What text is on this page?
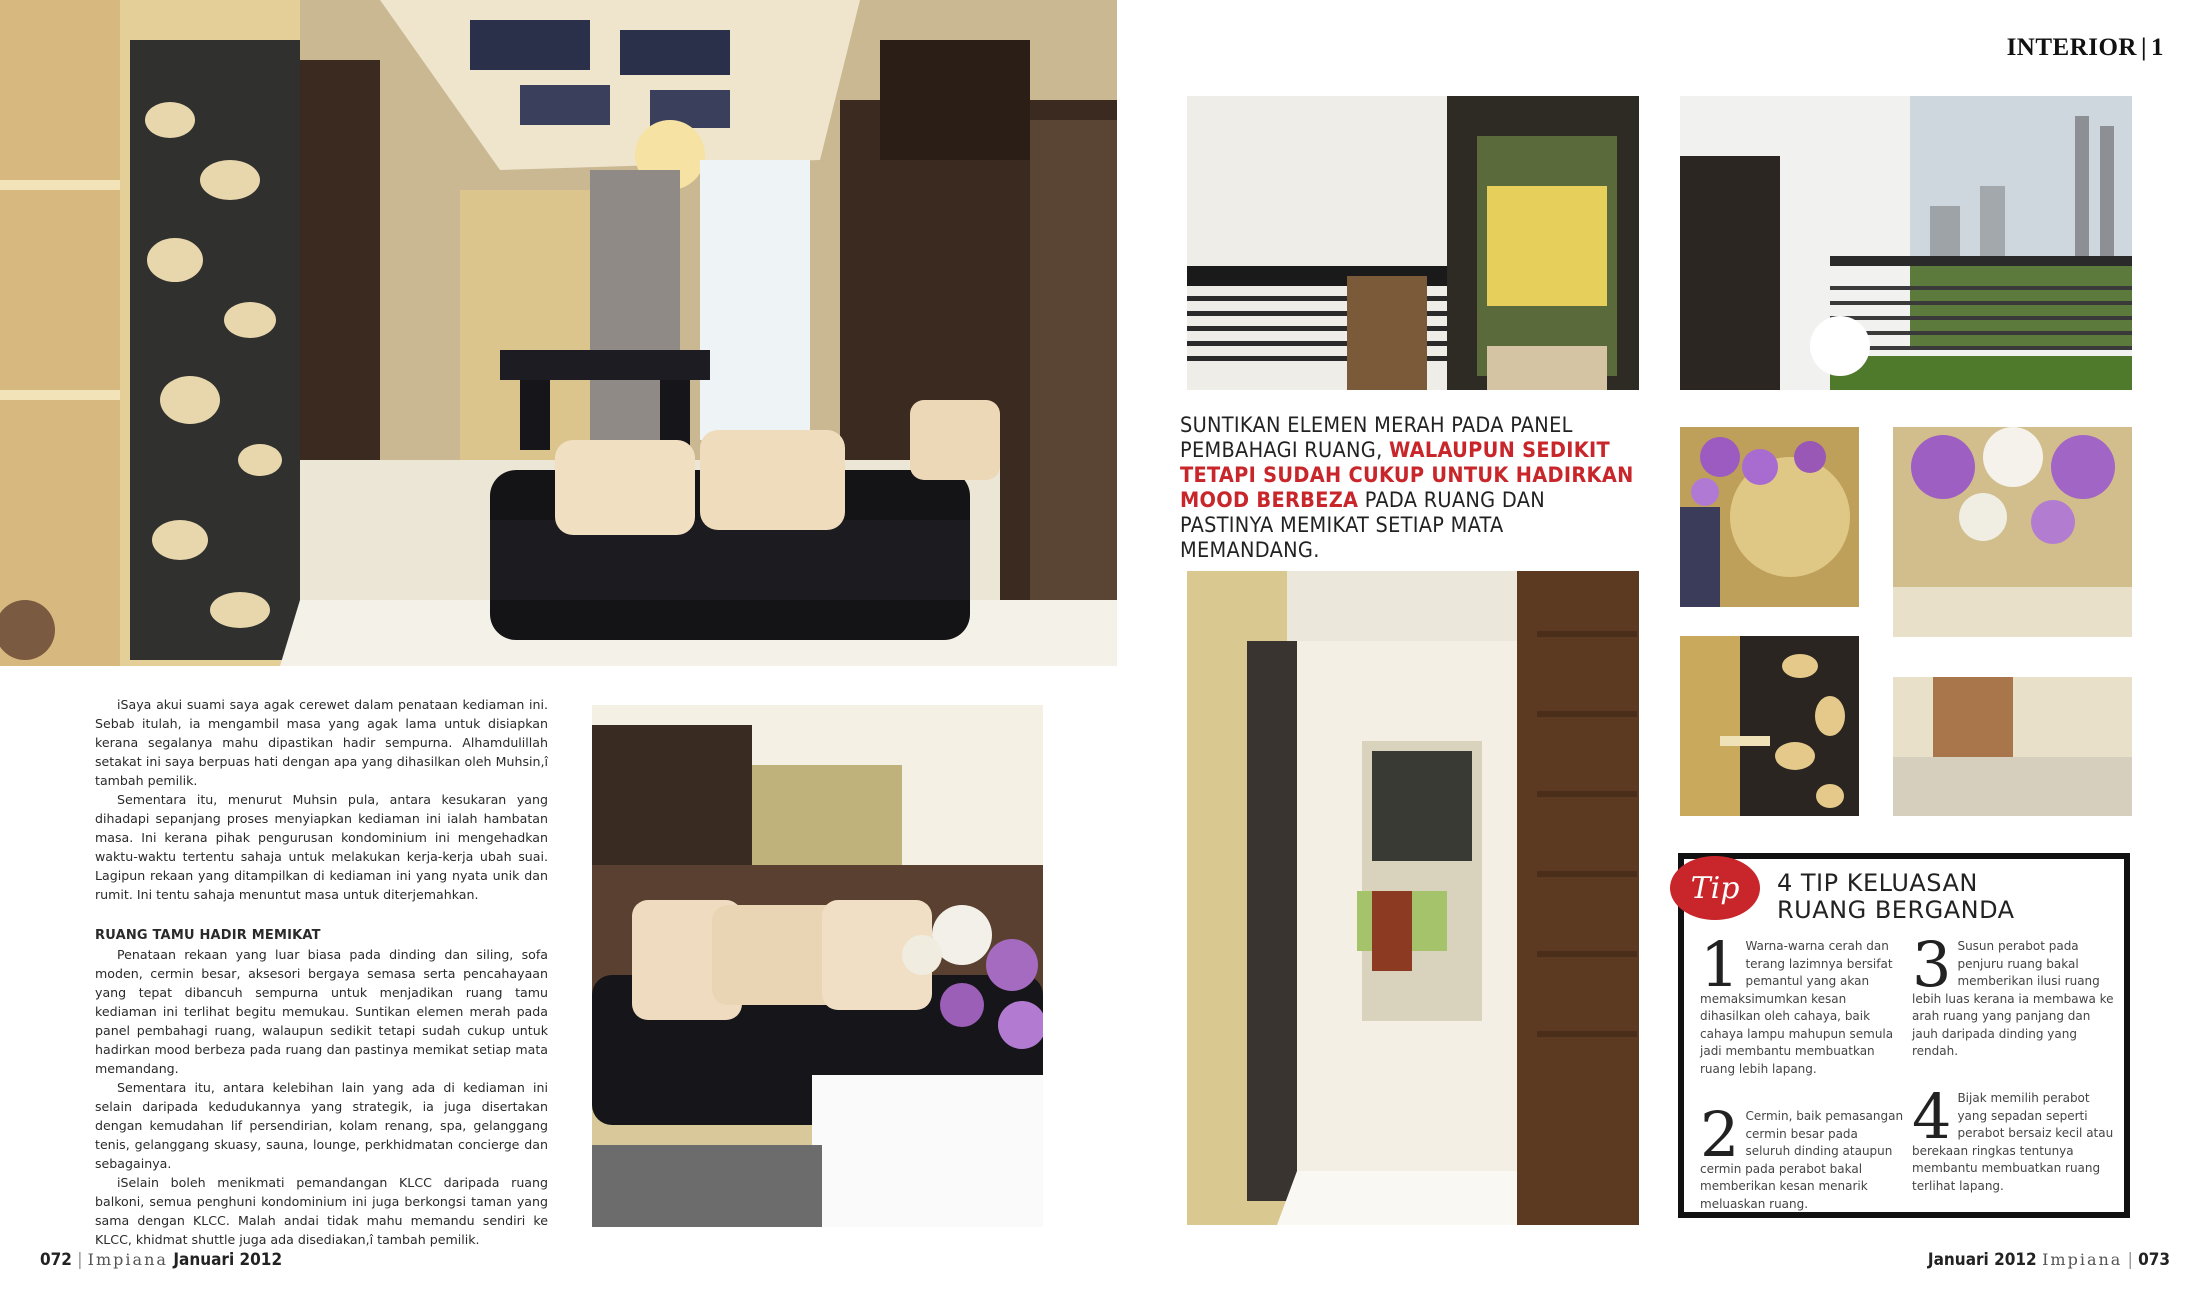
INTERIOR | 1

iSaya akui suami saya agak cerewet dalam penataan kediaman ini. Sebab itulah, ia mengambil masa yang agak lama untuk disiapkan kerana segalanya mahu dipastikan hadir sempurna. Alhamdulillah setakat ini saya berpuas hati dengan apa yang dihasilkan oleh Muhsin,î tambah pemilik.

Sementara itu, menurut Muhsin pula, antara kesukaran yang dihadapi sepanjang proses menyiapkan kediaman ini ialah hambatan masa. Ini kerana pihak pengurusan kondominium ini mengehadkan waktu-waktu tertentu sahaja untuk melakukan kerja-kerja ubah suai. Lagipun rekaan yang ditampilkan di kediaman ini yang nyata unik dan rumit. Ini tentu sahaja menuntut masa untuk diterjemahkan.

RUANG TAMU HADIR MEMIKAT

Penataan rekaan yang luar biasa pada dinding dan siling, sofa moden, cermin besar, aksesori bergaya semasa serta pencahayaan yang tepat dibancuh sempurna untuk menjadikan ruang tamu kediaman ini terlihat begitu memukau. Suntikan elemen merah pada panel pembahagi ruang, walaupun sedikit tetapi sudah cukup untuk hadirkan mood berbeza pada ruang dan pastinya memikat setiap mata memandang.

Sementara itu, antara kelebihan lain yang ada di kediaman ini selain daripada kedudukannya yang strategik, ia juga disertakan dengan kemudahan lif persendirian, kolam renang, spa, gelanggang tenis, gelanggang skuasy, sauna, lounge, perkhidmatan concierge dan sebagainya.

iSelain boleh menikmati pemandangan KLCC daripada ruang balkoni, semua penghuni kondominium ini juga berkongsi taman yang sama dengan KLCC. Malah andai tidak mahu memandu sendiri ke KLCC, khidmat shuttle juga ada disediakan,î tambah pemilik.

SUNTIKAN ELEMEN MERAH PADA PANEL PEMBAHAGI RUANG, WALAUPUN SEDIKIT TETAPI SUDAH CUKUP UNTUK HADIRKAN MOOD BERBEZA PADA RUANG DAN PASTINYA MEMIKAT SETIAP MATA MEMANDANG.
Tip	4 TIP KELUASAN
RUANG BERGANDA
1 Warna-warna cerah dan terang lazimnya bersifat pemantul yang akan memaksimumkan kesan dihasilkan oleh cahaya, baik cahaya lampu mahupun semula jadi membantu membuatkan ruang lebih lapang.
2 Cermin, baik pemasangan cermin besar pada seluruh dinding ataupun cermin pada perabot bakal memberikan kesan menarik meluaskan ruang.
3 Susun perabot pada penjuru ruang bakal memberikan ilusi ruang lebih luas kerana ia membawa ke arah ruang yang panjang dan jauh daripada dinding yang rendah.
4 Bijak memilih perabot yang sepadan seperti perabot bersaiz kecil atau berekaan ringkas tentunya membantu membuatkan ruang terlihat lapang.
072 | Impiana Januari 2012	Januari 2012 Impiana | 073
